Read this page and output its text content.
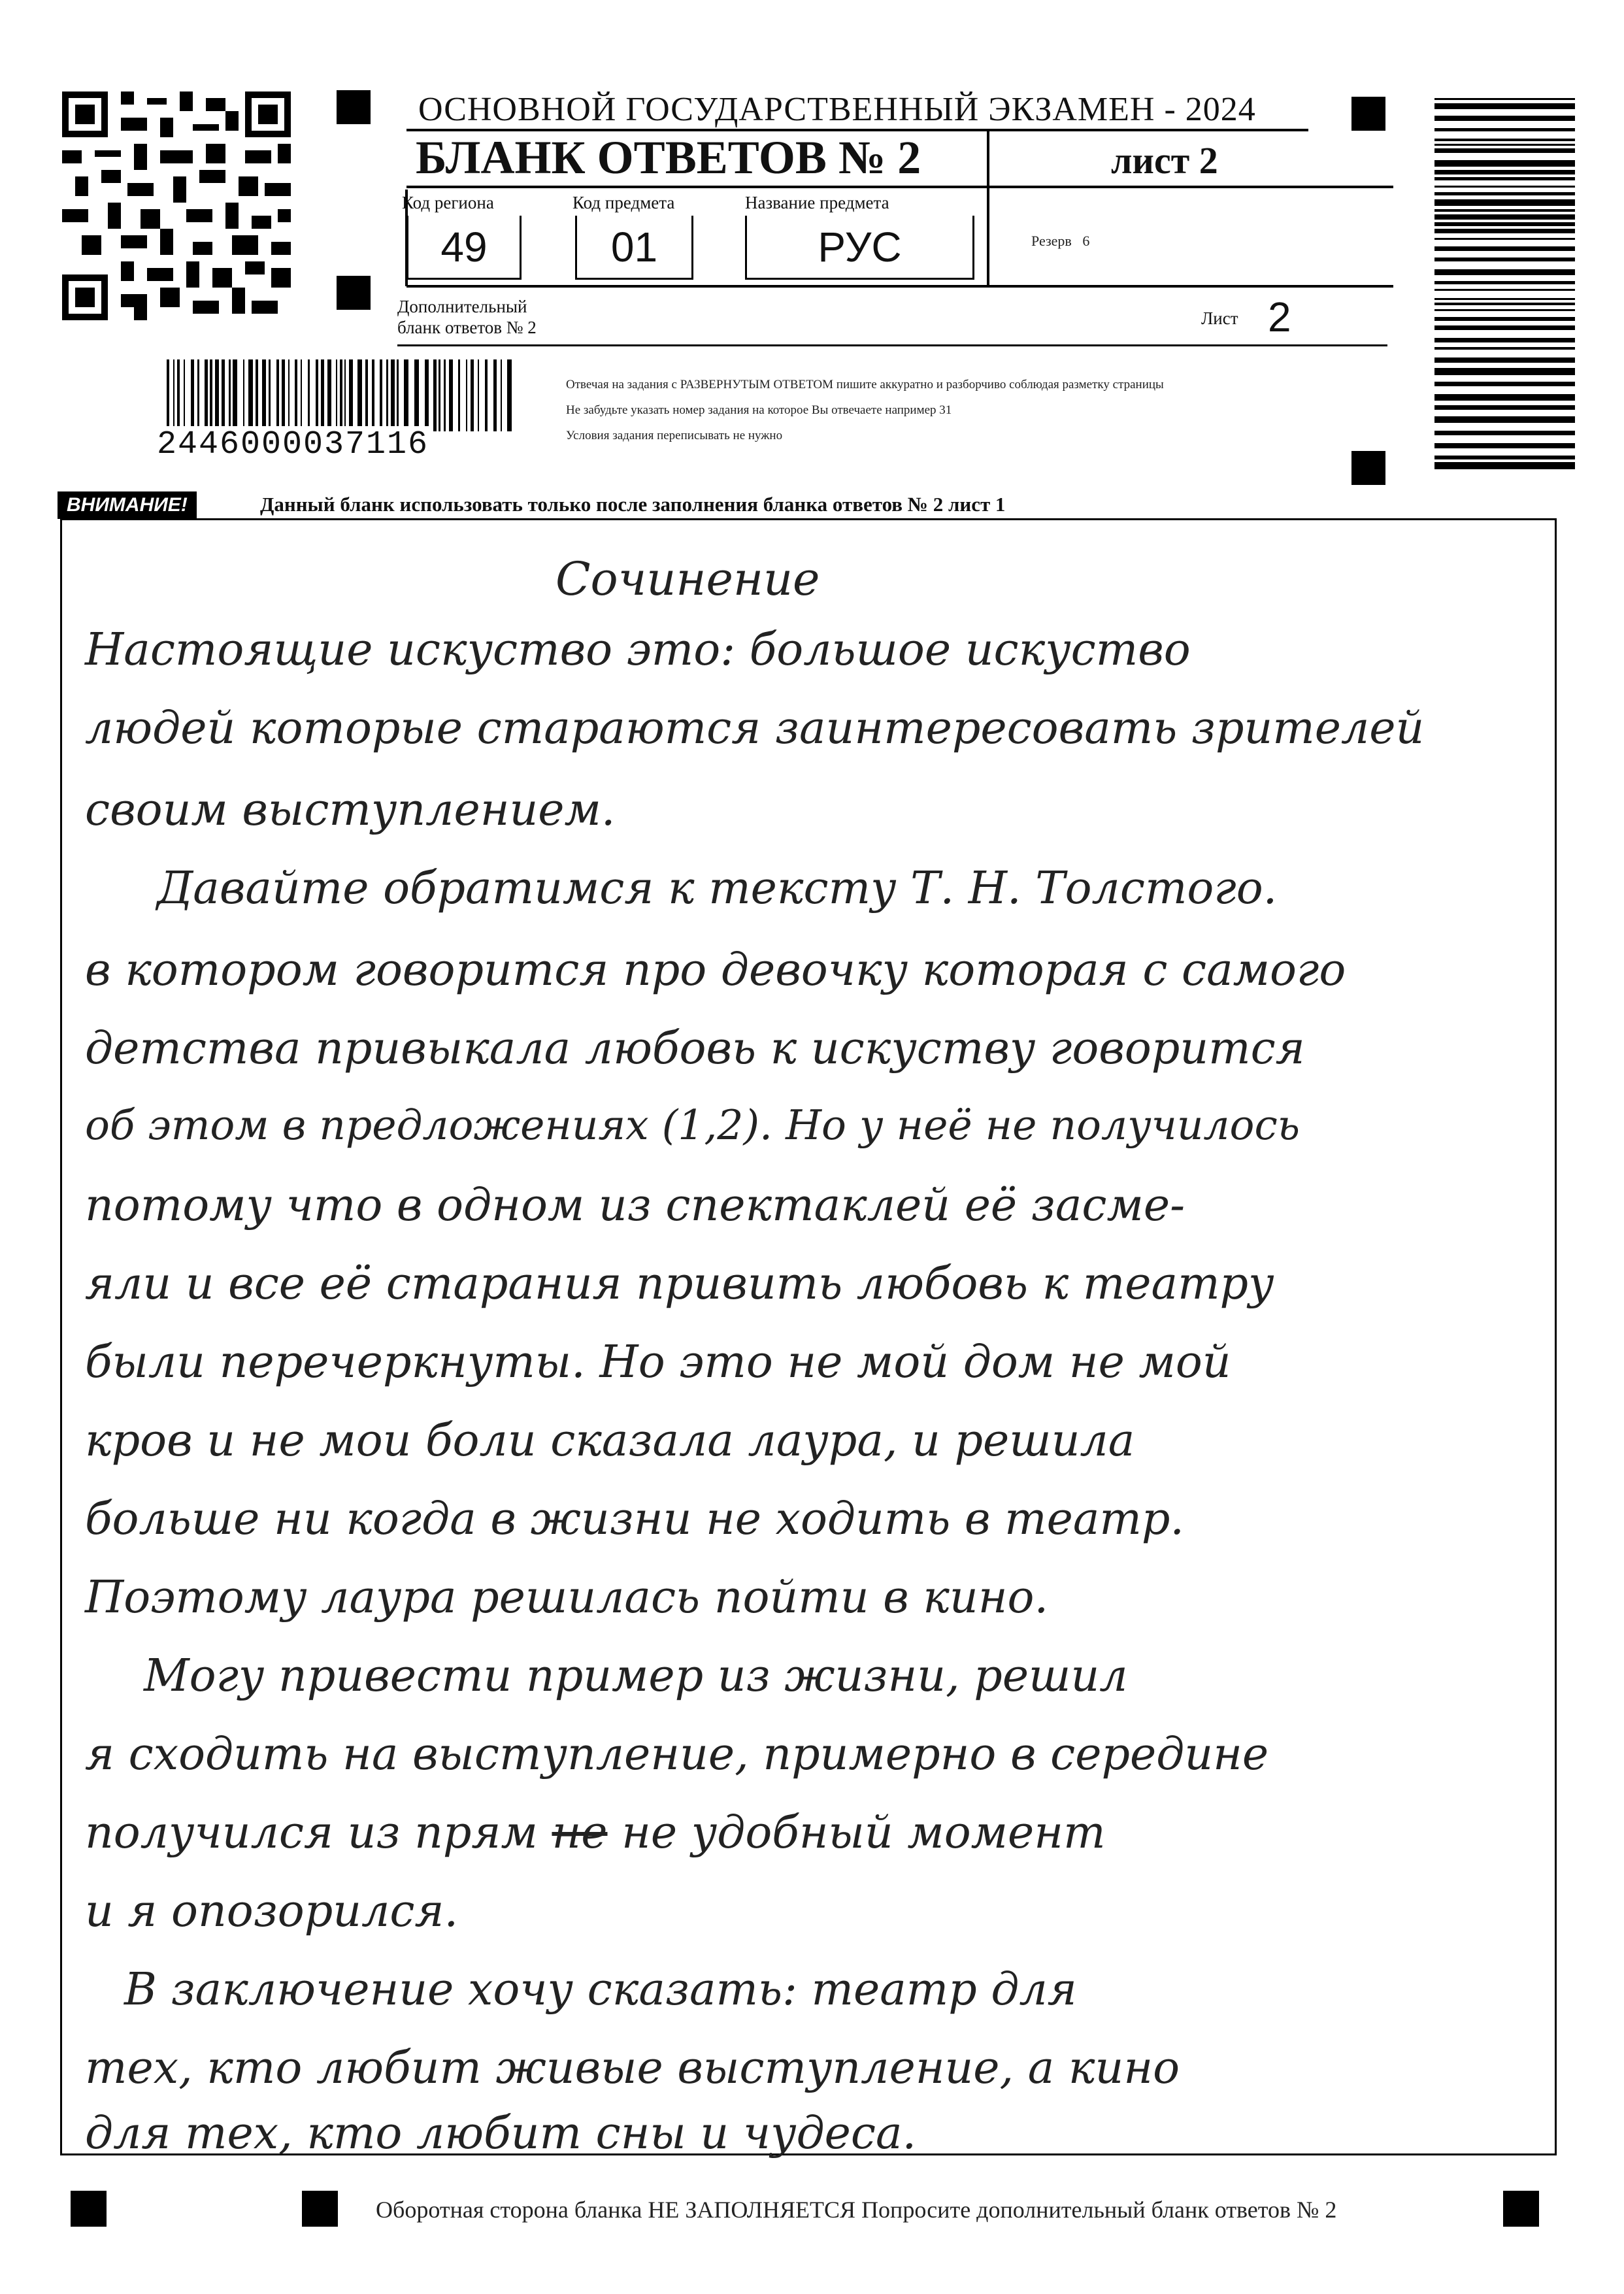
ОСНОВНОЙ ГОСУДАРСТВЕННЫЙ ЭКЗАМЕН - 2024
БЛАНК ОТВЕТОВ № 2	лист 2
Код региона
49
Код предмета
01
Название предмета
РУС	Резерв 6
Дополнительный
бланк ответов № 2	Лист 2
Отвечая на задания с РАЗВЕРНУТЫМ ОТВЕТОМ пишите аккуратно и разборчиво соблюдая разметку страницы
Не забудьте указать номер задания на которое Вы отвечаете например 31
Условия задания переписывать не нужно
2446000037116
ВНИМАНИЕ!	Данный бланк использовать только после заполнения бланка ответов № 2 лист 1
Сочинение
Настоящие искуство это: большое искуство
людей которые стараются заинтересовать зрителей
своим выступлением.
Давайте обратимся к тексту Т. Н. Толстого.
в котором говорится про девочку которая с самого
детства привыкала любовь к искуству говорится
об этом в предложениях (1,2). Но у неё не получилось
потому что в одном из спектаклей её засме-
яли и все её старания привить любовь к театру
были перечеркнуты. Но это не мой дом не мой
кров и не мои боли сказала лаура, и решила
больше ни когда в жизни не ходить в театр.
Поэтому лаура решилась пойти в кино.
Могу привести пример из жизни, решил
я сходить на выступление, примерно в середине
получился из прям не не удобный момент
и я опозорился.
В заключение хочу сказать: театр для
тех, кто любит живые выступление, а кино
для тех, кто любит сны и чудеса.
Оборотная сторона бланка НЕ ЗАПОЛНЯЕТСЯ Попросите дополнительный бланк ответов № 2
